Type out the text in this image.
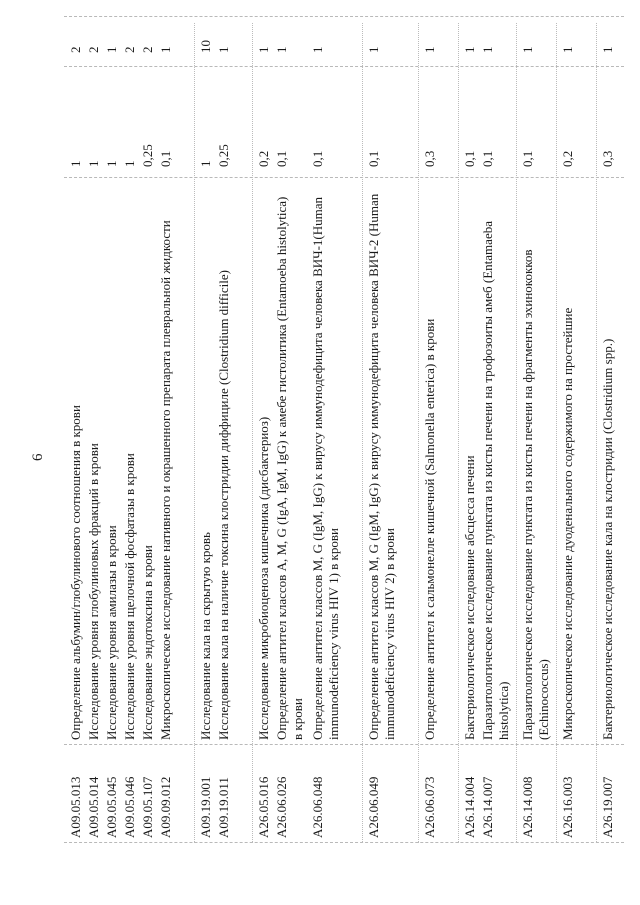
6
A09.05.013
Определение альбумин/глобулинового соотношения в крови
1
2
A09.05.014
Исследование уровня глобулиновых фракций в крови
1
2
A09.05.045
Исследование уровня амилазы в крови
1
1
A09.05.046
Исследование уровня щелочной фосфатазы в крови
1
2
A09.05.107
Исследование эндотоксина в крови
0,25
2
A09.09.012
Микроскопическое исследование нативного и окрашенного препарата плевральной жидкости
0,1
1
A09.19.001
Исследование кала на скрытую кровь
1
10
A09.19.011
Исследование кала на наличие токсина клостридии диффициле (Clostridium difficile)
0,25
1
A26.05.016
Исследование микробиоценоза кишечника (дисбактериоз)
0,2
1
A26.06.026
Определение антител классов A, M, G (IgA, IgM, IgG) к амебе гистолитика (Entamoeba histolytica) в крови
0,1
1
A26.06.048
Определение антител классов M, G (IgM, IgG) к вирусу иммунодефицита человека ВИЧ-1(Human immunodeficiency virus HIV 1) в крови
0,1
1
A26.06.049
Определение антител классов M, G (IgM, IgG) к вирусу иммунодефицита человека ВИЧ-2 (Human immunodeficiency virus HIV 2) в крови
0,1
1
A26.06.073
Определение антител к сальмонелле кишечной (Salmonella enterica) в крови
0,3
1
A26.14.004
Бактериологическое исследование абсцесса печени
0,1
1
A26.14.007
Паразитологическое исследование пунктата из кисты печени на трофозоиты амеб (Entamaeba histolytica)
0,1
1
A26.14.008
Паразитологическое исследование пунктата из кисты печени на фрагменты эхинококков (Echinococcus)
0,1
1
A26.16.003
Микроскопическое исследование дуоденального содержимого на простейшие
0,2
1
A26.19.007
Бактериологическое исследование кала на клостридии (Clostridium spp.)
0,3
1
